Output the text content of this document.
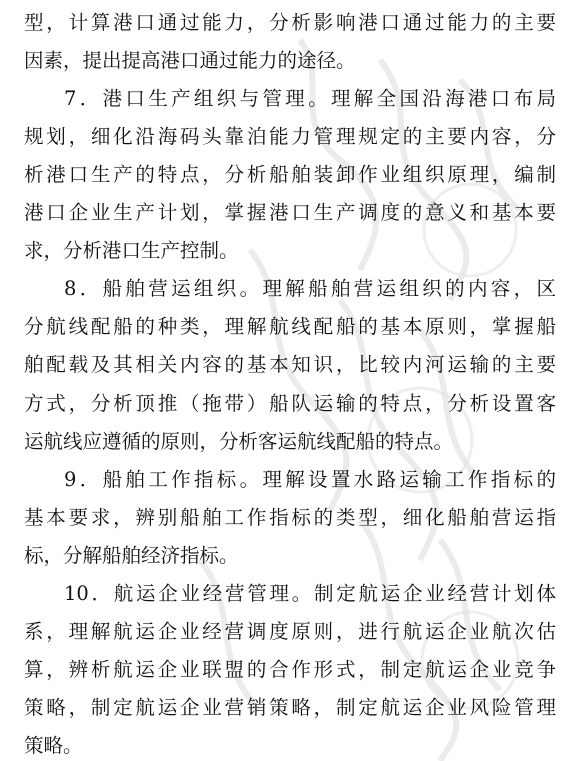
型，计算港口通过能力，分析影响港口通过能力的主要
因素，提出提高港口通过能力的途径。
7．港口生产组织与管理。理解全国沿海港口布局
规划，细化沿海码头靠泊能力管理规定的主要内容，分
析港口生产的特点，分析船舶装卸作业组织原理，编制
港口企业生产计划，掌握港口生产调度的意义和基本要
求，分析港口生产控制。
8．船舶营运组织。理解船舶营运组织的内容，区
分航线配船的种类，理解航线配船的基本原则，掌握船
舶配载及其相关内容的基本知识，比较内河运输的主要
方式，分析顶推（拖带）船队运输的特点，分析设置客
运航线应遵循的原则，分析客运航线配船的特点。
9．船舶工作指标。理解设置水路运输工作指标的
基本要求，辨别船舶工作指标的类型，细化船舶营运指
标，分解船舶经济指标。
10．航运企业经营管理。制定航运企业经营计划体
系，理解航运企业经营调度原则，进行航运企业航次估
算，辨析航运企业联盟的合作形式，制定航运企业竞争
策略，制定航运企业营销策略，制定航运企业风险管理
策略。
